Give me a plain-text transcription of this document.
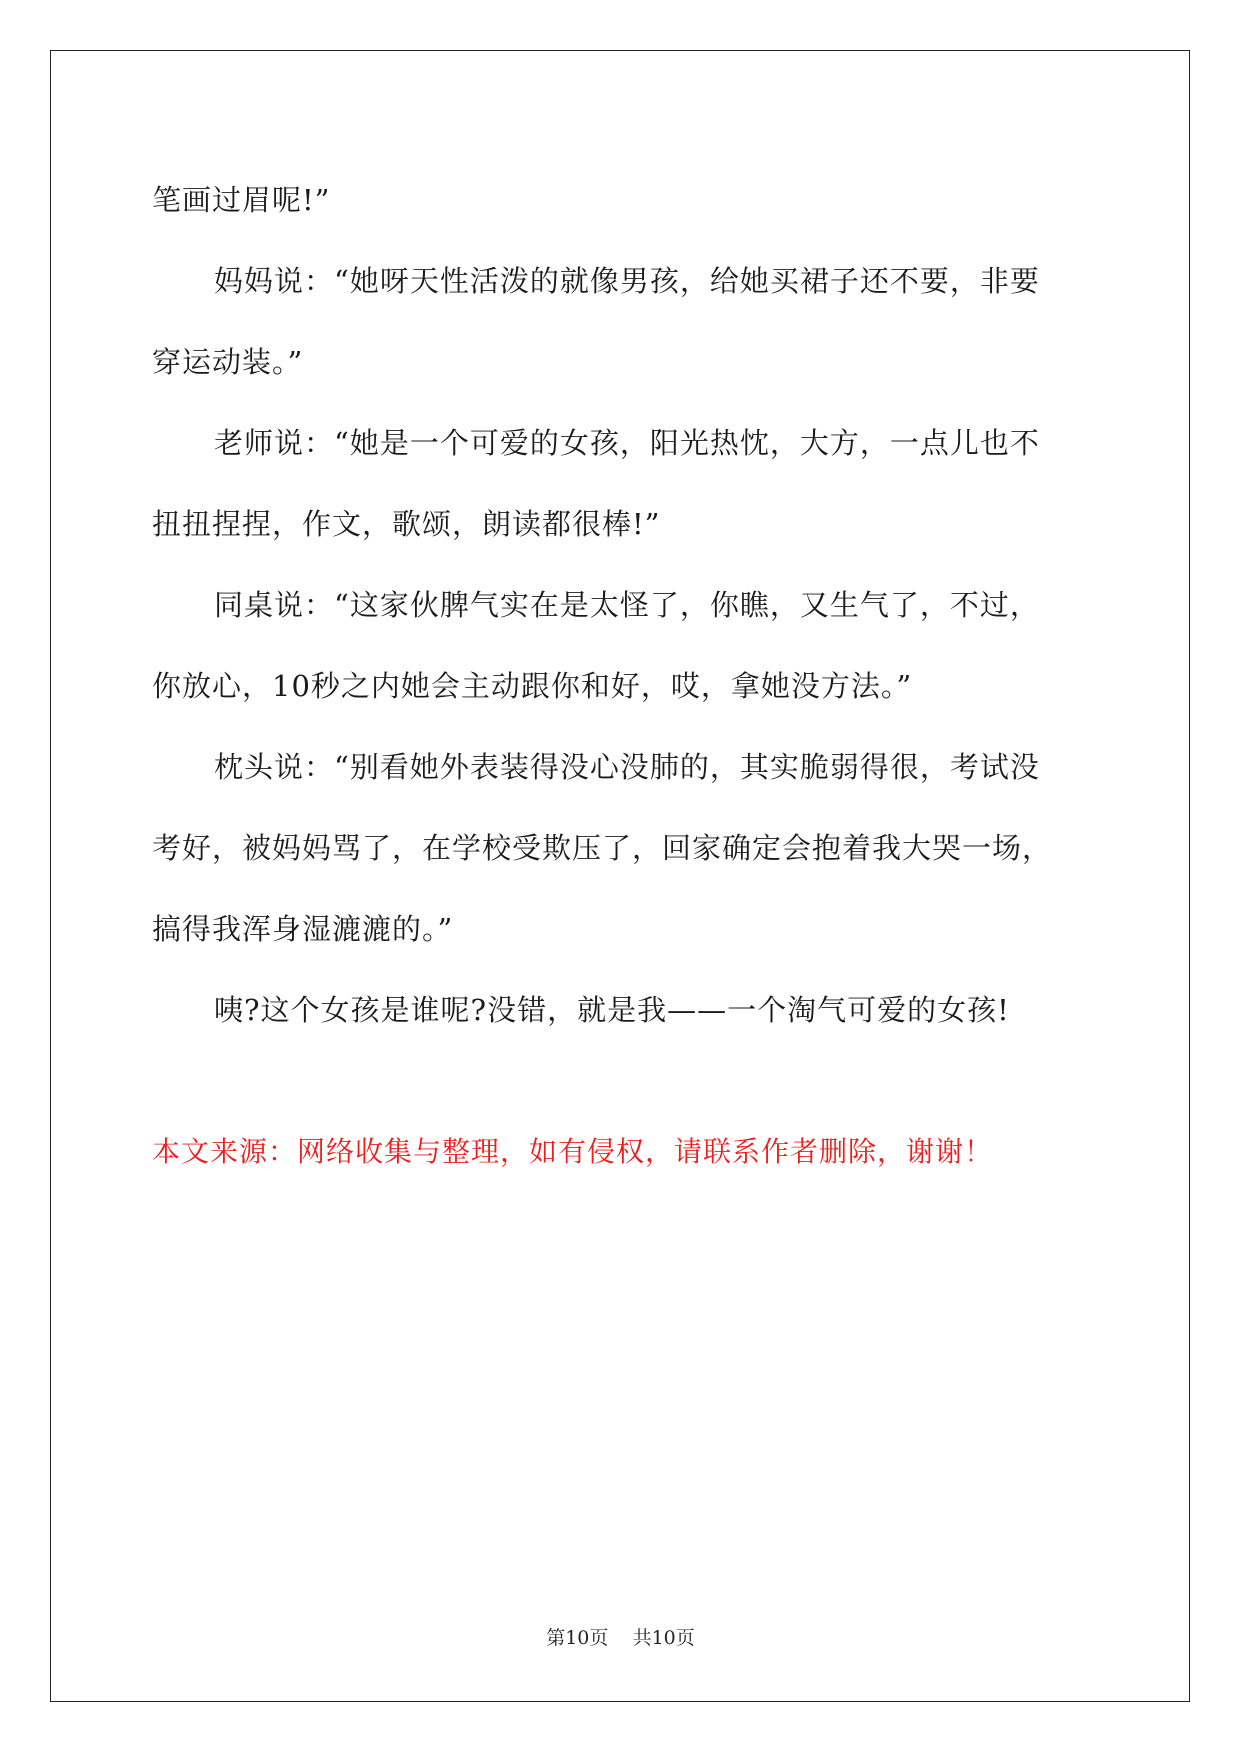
笔画过眉呢!”
妈妈说：“她呀天性活泼的就像男孩，给她买裙子还不要，非要
穿运动装。”
老师说：“她是一个可爱的女孩，阳光热忱，大方，一点儿也不
扭扭捏捏，作文，歌颂，朗读都很棒!”
同桌说：“这家伙脾气实在是太怪了，你瞧，又生气了，不过，
你放心，10秒之内她会主动跟你和好，哎，拿她没方法。”
枕头说：“别看她外表装得没心没肺的，其实脆弱得很，考试没
考好，被妈妈骂了，在学校受欺压了，回家确定会抱着我大哭一场，
搞得我浑身湿漉漉的。”
咦?这个女孩是谁呢?没错，就是我——一个淘气可爱的女孩!
本文来源：网络收集与整理，如有侵权，请联系作者删除，谢谢！
第10页 共10页
